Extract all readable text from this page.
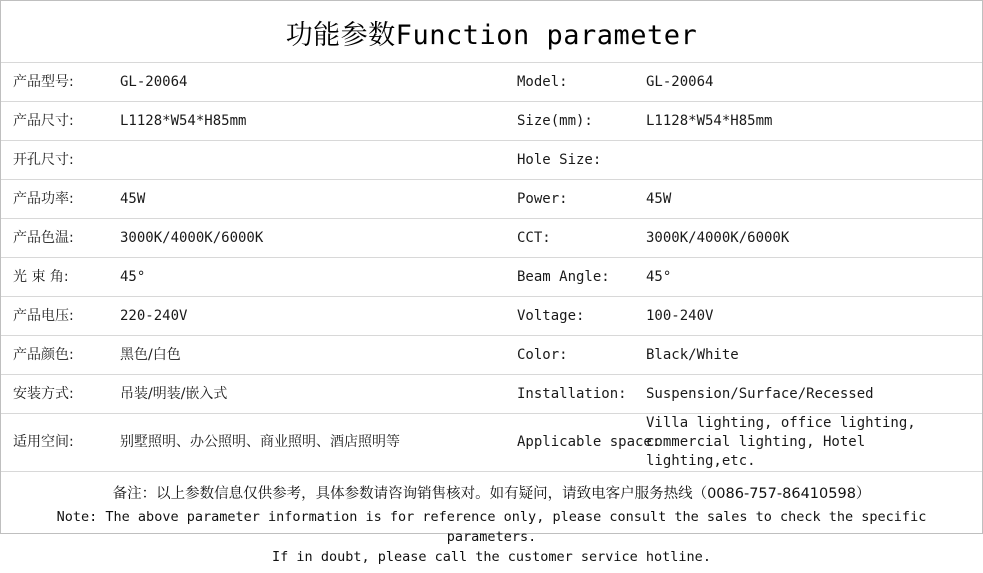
功能参数Function parameter
产品型号:	GL-20064	Model:	GL-20064
产品尺寸:	L1128*W54*H85mm	Size(mm):	L1128*W54*H85mm
开孔尺寸:		Hole Size:	
产品功率:	45W	Power:	45W
产品色温:	3000K/4000K/6000K	CCT:	3000K/4000K/6000K
光 束 角:	45°	Beam Angle:	45°
产品电压:	220-240V	Voltage:	100-240V
产品颜色:	黑色/白色	Color:	Black/White
安装方式:	吊装/明装/嵌入式	Installation:	Suspension/Surface/Recessed
适用空间:	别墅照明、办公照明、商业照明、酒店照明等	Applicable space:	Villa lighting, office lighting, commercial lighting, Hotel lighting,etc.
备注：以上参数信息仅供参考，具体参数请咨询销售核对。如有疑问，请致电客户服务热线（0086-757-86410598）
Note: The above parameter information is for reference only, please consult the sales to check the specific parameters.
If in doubt, please call the customer service hotline.
